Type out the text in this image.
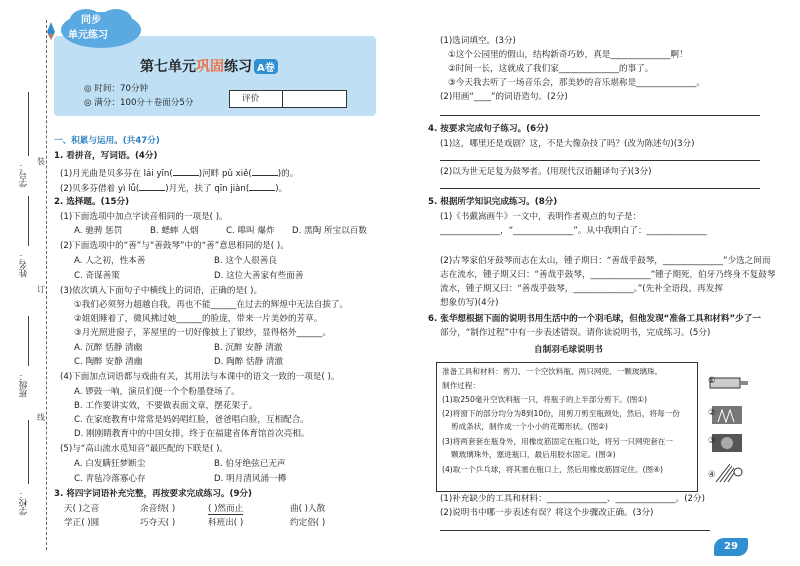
学号：
姓名：
班级：
学校：
装
订
线
同步
单元练习
第七单元巩固练习 A卷
◎ 时间：70分钟
◎ 满分：100分＋卷面分5分	评价
一、积累与运用。(共47分)
1. 看拼音，写词语。(4分)
(1)月光曲是贝多芬在 lái yīn(	)河畔 pǔ xiě(	)的。
(2)贝多芬借着 yì lǚ(	)月光，扶了 qīn jiàn(	)。
2. 选择题。(15分)
(1)下面选项中加点字读音相同的一项是( )。
A. 驰骋 惩罚	B. 蟋蟀 人烟	C. 嗥叫 爆炸 D. 黑陶 所宝以百数
(2)下面选项中的“善”与“善鼓琴”中的“善”意思相同的是( )。
A. 人之初，性本善	B. 这个人很善良
C. 奇谋善策	D. 这位大善家有些面善
(3)依次填入下面句子中横线上的词语，正确的是( )。
①我们必须努力超越自我，再也不能______在过去的辉煌中无法自拔了。
②姐姐睡着了，微风拂过她______的脸庞，带来一片美妙的芳草。
③月光照进窗子，茅屋里的一切好像披上了银纱，显得格外______。
A. 沉醉 恬静 清幽	B. 沉醉 安静 清澈
C. 陶醉 安静 清幽	D. 陶醉 恬静 清澈
(4)下面加点词语都与戏曲有关，其用法与本课中的语文一致的一项是( )。
A. 锣鼓一响，演员们便一个个粉墨登场了。
B. 工作要讲实效，不要做表面文章，摆花架子。
C. 在家庭教育中常常是妈妈唱红脸，爸爸唱白脸，互相配合。
D. 刚刚睛教育中的中国女排，终于在福建省体育馆首次亮相。
(5)与“高山流水觅知音”最匹配的下联是( )。
A. 白发瞒狂梦断尘	B. 伯牙绝弦已无声
C. 青毡冷落寡心存	D. 明月清风涌一樽
3. 将四字词语补充完整，再按要求完成练习。(9分)
天( )之音	余音绕( )	( )然而止	曲( )人散
学正( )圆	巧夺天( )	科班出( )	约定俗( )
(1)选词填空。(3分)
①这个公园里的假山，结构新奇巧妙，真是______________啊！
②时间一长，这就成了我们家______________的事了。
③今天我去听了一场音乐会，那美妙的音乐堪称是______________。
(2)用画“____”的词语造句。(2分)
4. 按要求完成句子练习。(6分)
(1)这，哪里还是戏剧？这，不是大像杂技了吗？(改为陈述句)(3分)
(2)以为世无足复为鼓琴者。(用现代汉语翻译句子)(3分)
5. 根据所学知识完成练习。(8分)
(1)《书戴嵩画牛》一文中，表明作者观点的句子是：
______________，“______________”。从中我明白了：______________
(2)古琴家伯牙鼓琴而志在太山，锺子期曰：“善哉乎鼓琴，______________”少选之间而
志在流水，锺子期又曰：“善哉乎鼓琴，______________”锺子期死，伯牙乃终身不复鼓琴
流水，锺子期又曰：“善哉乎鼓琴，______________。”(先补全语段，再发挥
想象仿写)(4分)
6. 张华想根据下面的说明书用生活中的一个羽毛球，但他发现“准备工具和材料”少了一
部分，“制作过程”中有一步表述错误。请你读说明书，完成练习。(5分)
自制羽毛球说明书
准备工具和材料：剪刀、一个空饮料瓶、两只网兜、一颗玻璃珠。
制作过程：
(1)取250毫升空饮料瓶一只，将瓶子的上半部分剪下。(图①)
(2)将窗下的部分均分为8到10份，用剪刀剪至瓶颈处，然后，将每一份
剪成条状，制作成一个小小的花瓣形状。(图②)
(3)将两套套在瓶身外，用橡皮筋固定在瓶口处，将另一只网兜套在一
颗玻璃珠外，塞进瓶口，最后用胶水固定。(图③)
(4)取一个乒乓球，将其塞在瓶口上，然后用橡皮筋固定住。(图④)
①
②
③
④
(1)补充缺少的工具和材料：______________、______________。(2分)
(2)说明书中哪一步表述有误？将这个步骤改正确。(3分)
29
